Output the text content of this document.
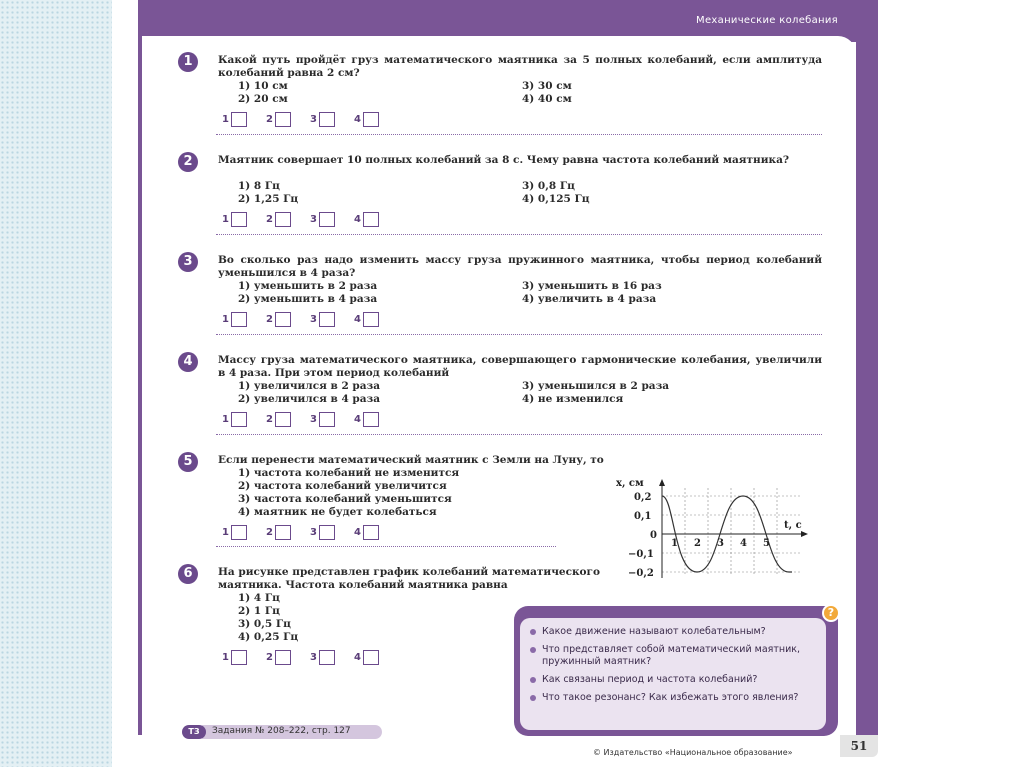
Механические колебания
1	Какой путь пройдёт груз математического маятника за 5 полных колебаний, если амплитуда колебаний равна 2 см?
1) 10 см
2) 20 см
3) 30 см
4) 40 см
1	2	3	4
2	Маятник совершает 10 полных колебаний за 8 с. Чему равна частота колебаний маятника?
1) 8 Гц
2) 1,25 Гц
3) 0,8 Гц
4) 0,125 Гц
1	2	3	4
3	Во сколько раз надо изменить массу груза пружинного маятника, чтобы период колебаний уменьшился в 4 раза?
1) уменьшить в 2 раза
2) уменьшить в 4 раза
3) уменьшить в 16 раз
4) увеличить в 4 раза
1	2	3	4
4	Массу груза математического маятника, совершающего гармонические колебания, увеличили в 4 раза. При этом период колебаний
1) увеличился в 2 раза
2) увеличился в 4 раза
3) уменьшился в 2 раза
4) не изменился
1	2	3	4
5	Если перенести математический маятник с Земли на Луну, то
1) частота колебаний не изменится
2) частота колебаний увеличится
3) частота колебаний уменьшится
4) маятник не будет колебаться
1	2	3	4
6	На рисунке представлен график колебаний математического маятника. Частота колебаний маятника равна
1) 4 Гц
2) 1 Гц
3) 0,5 Гц
4) 0,25 Гц
1	2	3	4
x, см
t, с
0,2
0,1
0
−0,1
−0,2
1 2 3 4 5
?
Какое движение называют колебательным?
Что представляет собой математический маятник, пружинный маятник?
Как связаны период и частота колебаний?
Что такое резонанс? Как избежать этого явления?
ТЗ	Задания № 208–222, стр. 127
© Издательство «Национальное образование»	51
